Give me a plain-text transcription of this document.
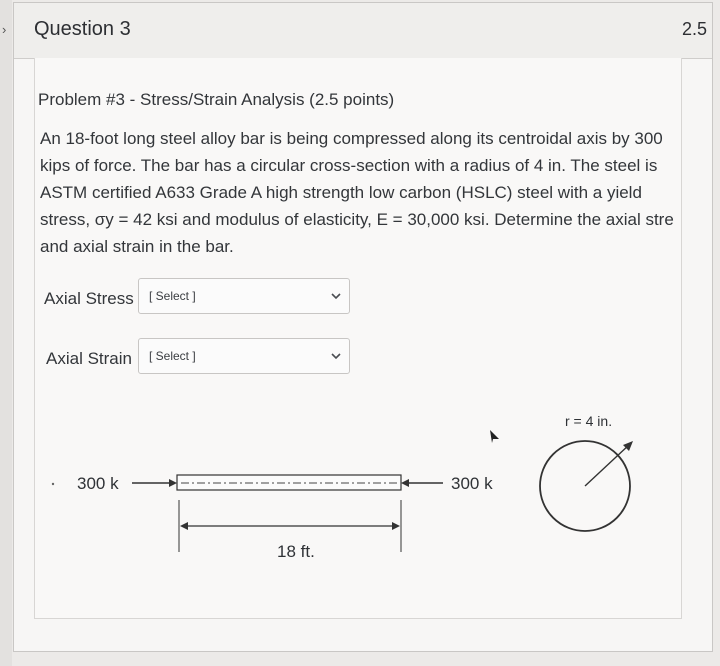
› Question 3	2.5
Problem #3 - Stress/Strain Analysis (2.5 points)
An 18-foot long steel alloy bar is being compressed along its centroidal axis by 300
kips of force. The bar has a circular cross-section with a radius of 4 in. The steel is
ASTM certified A633 Grade A high strength low carbon (HSLC) steel with a yield
stress, σy = 42 ksi and modulus of elasticity, E = 30,000 ksi. Determine the axial stre
and axial strain in the bar.
Axial Stress [ Select ]
Axial Strain [ Select ]
300 k	300 k
18 ft.
r = 4 in.
